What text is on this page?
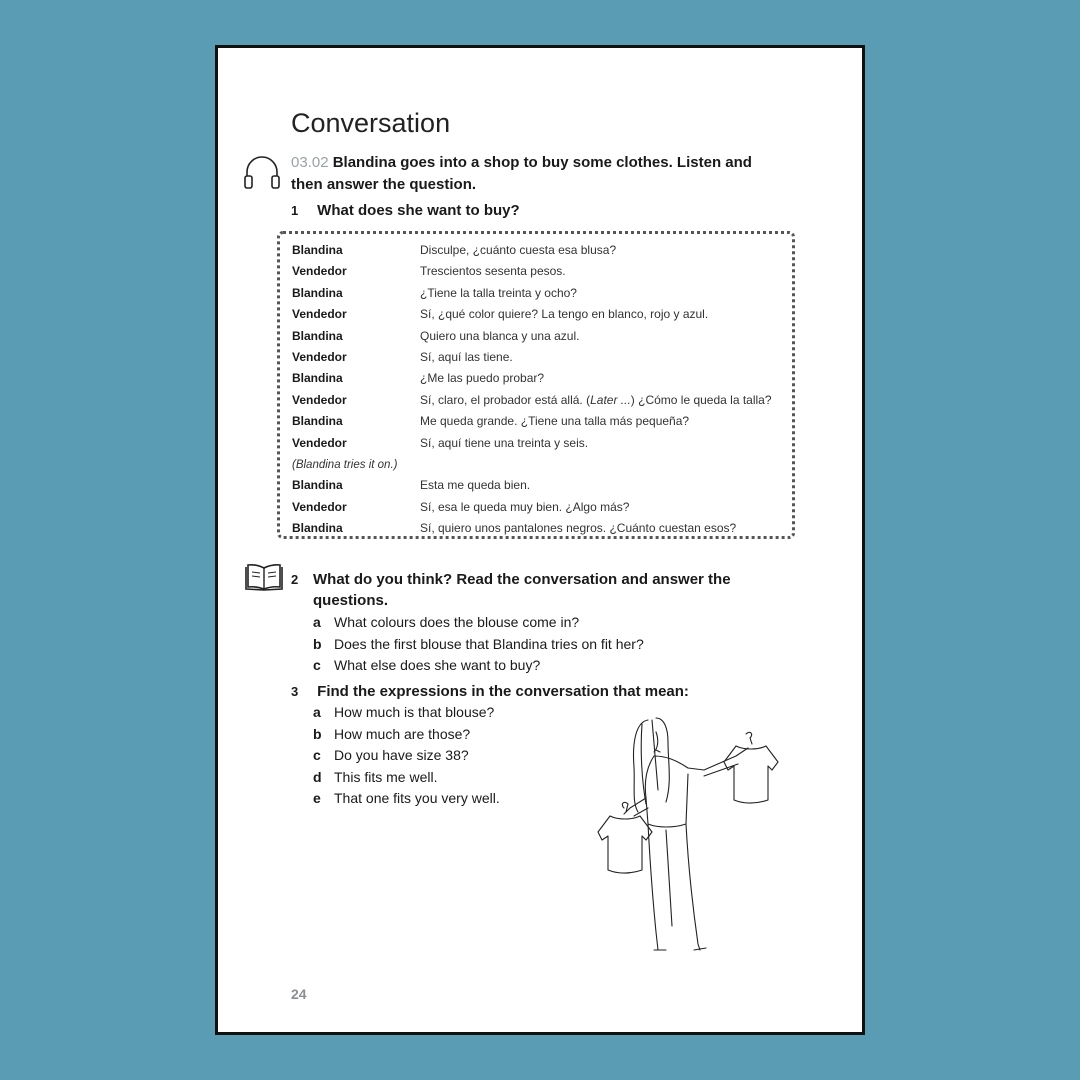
Conversation
03.02 Blandina goes into a shop to buy some clothes. Listen and then answer the question.
1 What does she want to buy?
Blandina	Disculpe, ¿cuánto cuesta esa blusa?
Vendedor	Trescientos sesenta pesos.
Blandina	¿Tiene la talla treinta y ocho?
Vendedor	Sí, ¿qué color quiere? La tengo en blanco, rojo y azul.
Blandina	Quiero una blanca y una azul.
Vendedor	Sí, aquí las tiene.
Blandina	¿Me las puedo probar?
Vendedor	Sí, claro, el probador está allá. (Later ...) ¿Cómo le queda la talla?
Blandina	Me queda grande. ¿Tiene una talla más pequeña?
Vendedor	Sí, aquí tiene una treinta y seis.
(Blandina tries it on.)
Blandina	Esta me queda bien.
Vendedor	Sí, esa le queda muy bien. ¿Algo más?
Blandina	Sí, quiero unos pantalones negros. ¿Cuánto cuestan esos?
2 What do you think? Read the conversation and answer the questions.
a What colours does the blouse come in?
b Does the first blouse that Blandina tries on fit her?
c What else does she want to buy?
3 Find the expressions in the conversation that mean:
a How much is that blouse?
b How much are those?
c Do you have size 38?
d This fits me well.
e That one fits you very well.
24
